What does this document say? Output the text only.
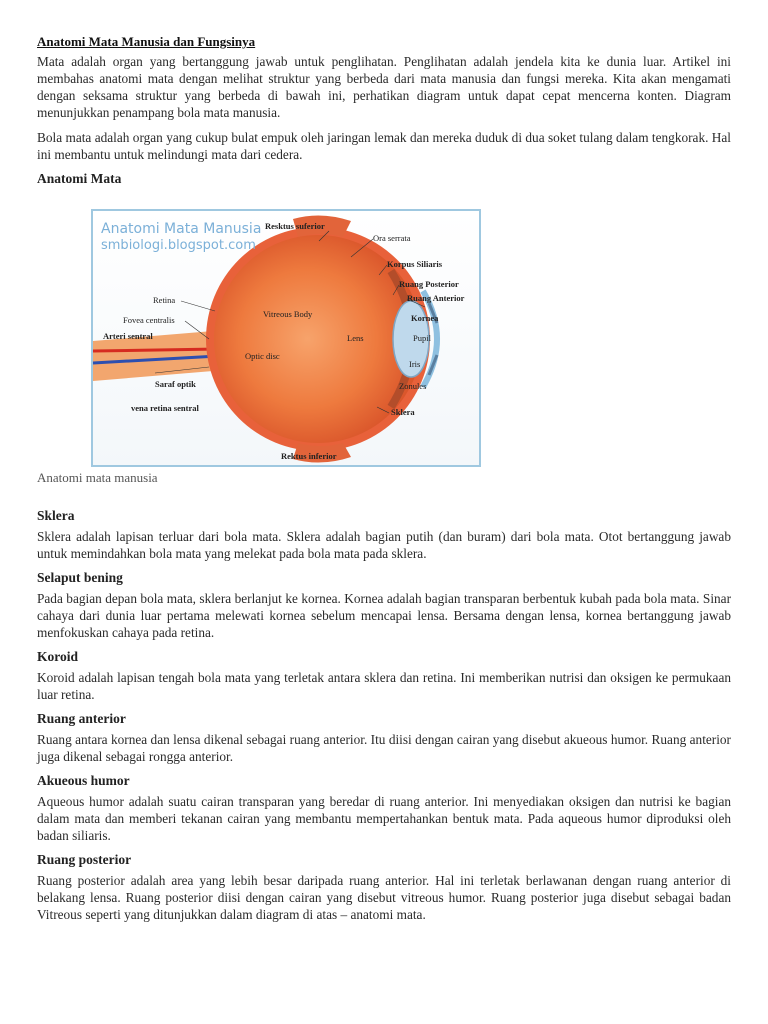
Anatomi Mata Manusia dan Fungsinya

Mata adalah organ yang bertanggung jawab untuk penglihatan. Penglihatan adalah jendela kita ke dunia luar. Artikel ini membahas anatomi mata dengan melihat struktur yang berbeda dari mata manusia dan fungsi mereka. Kita akan mengamati dengan seksama struktur yang berbeda di bawah ini, perhatikan diagram untuk dapat cepat mencerna konten. Diagram menunjukkan penampang bola mata manusia.

Bola mata adalah organ yang cukup bulat empuk oleh jaringan lemak dan mereka duduk di dua soket tulang dalam tengkorak. Hal ini membantu untuk melindungi mata dari cedera.

Anatomi Mata
Anatomi Mata Manusia
smbiologi.blogspot.com
Resktus suferior
Ora serrata
Korpus Siliaris
Ruang Posterior
Ruang Anterior
Kornea
Pupil
Iris
Zonules
Sklera
Rektus inferior
Retina
Fovea centralis
Arteri sentral
Optic disc
Vitreous Body
Lens
Saraf optik
vena retina sentral
Anatomi mata manusia
Sklera

Sklera adalah lapisan terluar dari bola mata. Sklera adalah bagian putih (dan buram) dari bola mata. Otot bertanggung jawab untuk memindahkan bola mata yang melekat pada bola mata pada sklera.

Selaput bening

Pada bagian depan bola mata, sklera berlanjut ke kornea. Kornea adalah bagian transparan berbentuk kubah pada bola mata. Sinar cahaya dari dunia luar pertama melewati kornea sebelum mencapai lensa. Bersama dengan lensa, kornea bertanggung jawab menfokuskan cahaya pada retina.

Koroid

Koroid adalah lapisan tengah bola mata yang terletak antara sklera dan retina. Ini memberikan nutrisi dan oksigen ke permukaan luar retina.

Ruang anterior

Ruang antara kornea dan lensa dikenal sebagai ruang anterior. Itu diisi dengan cairan yang disebut akueous humor. Ruang anterior juga dikenal sebagai rongga anterior.

Akueous humor

Aqueous humor adalah suatu cairan transparan yang beredar di ruang anterior. Ini menyediakan oksigen dan nutrisi ke bagian dalam mata dan memberi tekanan cairan yang membantu mempertahankan bentuk mata. Pada aqueous humor diproduksi oleh badan siliaris.

Ruang posterior

Ruang posterior adalah area yang lebih besar daripada ruang anterior. Hal ini terletak berlawanan dengan ruang anterior di belakang lensa. Ruang posterior diisi dengan cairan yang disebut vitreous humor. Ruang posterior juga disebut sebagai badan Vitreous seperti yang ditunjukkan dalam diagram di atas – anatomi mata.
